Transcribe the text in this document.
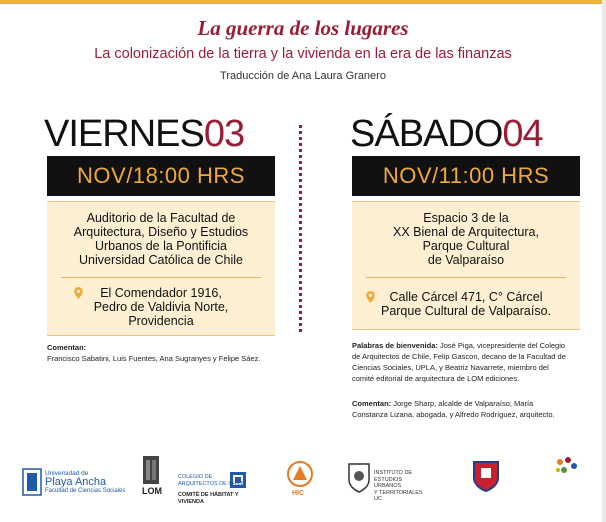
La guerra de los lugares
La colonización de la tierra y la vivienda en la era de las finanzas
Traducción de Ana Laura Granero
VIERNES03
NOV/18:00 HRS
Auditorio de la Facultad de
Arquitectura, Diseño y Estudios
Urbanos de la Pontificia
Universidad Católica de Chile
El Comendador 1916,
Pedro de Valdivia Norte,
Providencia
Comentan:
Francisco Sabatini, Luis Fuentes, Ana Sugranyes y Felipe Sáez.
SÁBADO04
NOV/11:00 HRS
Espacio 3 de la
XX Bienal de Arquitectura,
Parque Cultural
de Valparaíso
Calle Cárcel 471, C° Cárcel
Parque Cultural de Valparaíso.
Palabras de bienvenida: José Piga, vicepresidente del Colegio de Arquitectos de Chile, Felip Gascon, decano de la Facultad de Ciencias Sociales, UPLA, y Beatriz Navarrete, miembro del comité editorial de arquitectura de LOM ediciones.
Comentan: Jorge Sharp, alcalde de Valparaíso; María Constanza Lizana, abogada, y Alfredo Rodríguez, arquitecto.
Universidad de
Playa Ancha
Facultad de Ciencias Sociales LOM
COLEGIO DE
ARQUITECTOS DE CHILE
COMITÉ DE HÁBITAT Y VIVIENDA
HIC
INSTITUTO DE
ESTUDIOS URBANOS
Y TERRITORIALES UC
